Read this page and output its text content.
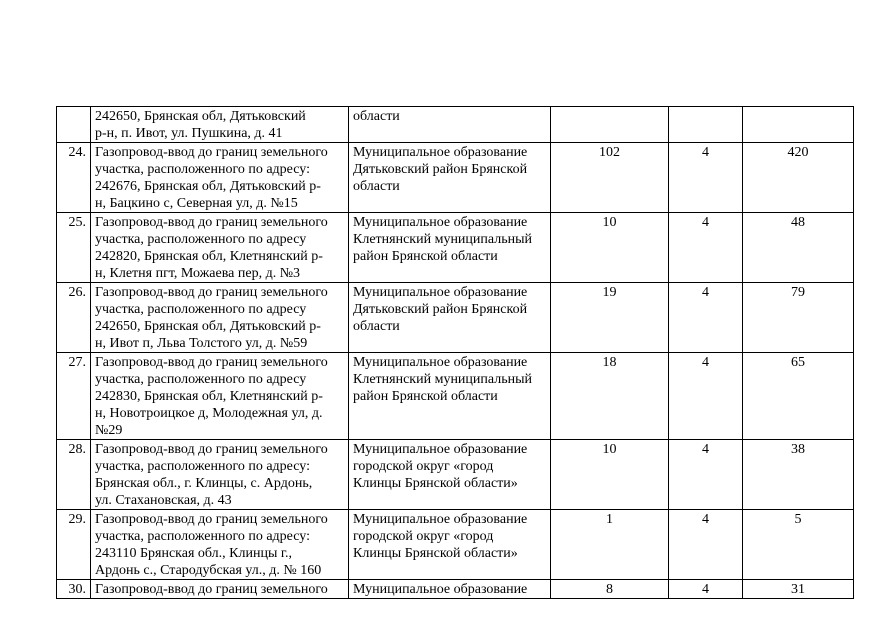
	242650, Брянская обл, Дятьковский
р-н, п. Ивот, ул. Пушкина, д. 41	области			

24.	Газопровод-ввод до границ земельного
участка, расположенного по адресу:
242676, Брянская обл, Дятьковский р-
н, Бацкино с, Северная ул, д. №15	Муниципальное образование
Дятьковский район Брянской
области	102	4	420

25.	Газопровод-ввод до границ земельного
участка, расположенного по адресу
242820, Брянская обл, Клетнянский р-
н, Клетня пгт, Можаева пер, д. №3	Муниципальное образование
Клетнянский муниципальный
район Брянской области	10	4	48

26.	Газопровод-ввод до границ земельного
участка, расположенного по адресу
242650, Брянская обл, Дятьковский р-
н, Ивот п, Льва Толстого ул, д. №59	Муниципальное образование
Дятьковский район Брянской
области	19	4	79

27.	Газопровод-ввод до границ земельного
участка, расположенного по адресу
242830, Брянская обл, Клетнянский р-
н, Новотроицкое д, Молодежная ул, д.
№29	Муниципальное образование
Клетнянский муниципальный
район Брянской области	18	4	65

28.	Газопровод-ввод до границ земельного
участка, расположенного по адресу:
Брянская обл., г. Клинцы, с. Ардонь,
ул. Стахановская, д. 43	Муниципальное образование
городской округ «город
Клинцы Брянской области»	10	4	38

29.	Газопровод-ввод до границ земельного
участка, расположенного по адресу:
243110 Брянская обл., Клинцы г.,
Ардонь с., Стародубская ул., д. № 160	Муниципальное образование
городской округ «город
Клинцы Брянской области»	1	4	5

30.	Газопровод-ввод до границ земельного	Муниципальное образование	8	4	31
